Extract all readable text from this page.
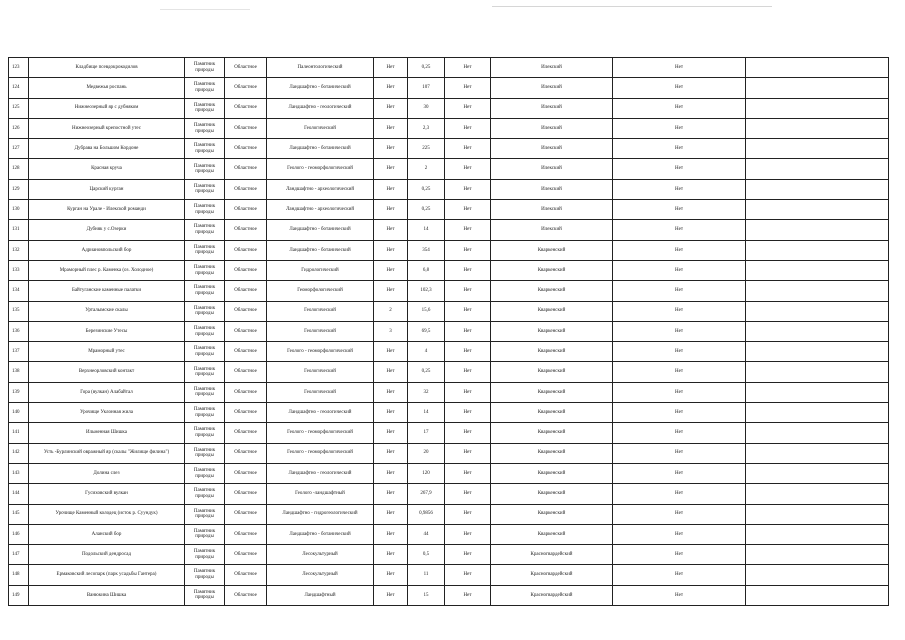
123	Кладбище псевдокрокодилов	Памятник природы	Областное	Палеонтологический	Нет	0,25	Нет	Илекский	Нет	
124	Медвежья роспань	Памятник природы	Областное	Ландшафтно - ботанический	Нет	107	Нет	Илекский	Нет	
125	Нижнеозерный яр с дубняком	Памятник природы	Областное	Ландшафтно - геологический	Нет	30	Нет	Илекский	Нет	
126	Нижнеозерный крепостной утес	Памятник природы	Областное	Геологический	Нет	2,3	Нет	Илекский	Нет	
127	Дубрава на Большом Кордоне	Памятник природы	Областное	Ландшафтно - ботанический	Нет	225	Нет	Илекский	Нет	
128	Красная круча	Памятник природы	Областное	Геолого - геоморфологический	Нет	2	Нет	Илекский	Нет	
129	Царский курган	Памятник природы	Областное	Ландшафтно - археологический	Нет	0,25	Нет	Илекский	Нет	
130	Курган на Урале - Илекской романди	Памятник природы	Областное	Ландшафтно - археологический	Нет	0,25	Нет	Илекский	Нет	
131	Дубняк у с.Озерки	Памятник природы	Областное	Ландшафтно - ботанический	Нет	14	Нет	Илекский	Нет	
132	Адриановпольский бор	Памятник природы	Областное	Ландшафтно - ботанический	Нет	354	Нет	Кваркенский	Нет	
133	Мраморный плес р. Каменка (оз. Холодное)	Памятник природы	Областное	Гидрологический	Нет	6,8	Нет	Кваркенский	Нет	
134	Байтуганские каменные палатки	Памятник природы	Областное	Геоморфологический	Нет	102,3	Нет	Кваркенский	Нет	
135	Урталымские скалы	Памятник природы	Областное	Геологический	2	15,6	Нет	Кваркенский	Нет	
136	Березинские Утесы	Памятник природы	Областное	Геологический	3	69,5	Нет	Кваркенский	Нет	
137	Мраморный утес	Памятник природы	Областное	Геолого - геоморфологический	Нет	4	Нет	Кваркенский	Нет	
138	Верхнеорловский контакт	Памятник природы	Областное	Геологический	Нет	0,25	Нет	Кваркенский	Нет	
139	Гора (вулкан) Алабайтал	Памятник природы	Областное	Геологический	Нет	32	Нет	Кваркенский	Нет	
140	Урочище Уклонная жила	Памятник природы	Областное	Ландшафтно - геологический	Нет	14	Нет	Кваркенский	Нет	
141	Ильменная Шишка	Памятник природы	Областное	Геолого - геоморфологический	Нет	17	Нет	Кваркенский	Нет	
142	Усть -Бурлинский овражный яр (скалы "Жилище филина")	Памятник природы	Областное	Геолого - геоморфологический	Нет	20	Нет	Кваркенский	Нет	
143	Долина слез	Памятник природы	Областное	Ландшафтно - геологический	Нет	120	Нет	Кваркенский	Нет	
144	Гусиховский вулкан	Памятник природы	Областное	Геолого -ландшафтный	Нет	267,9	Нет	Кваркенский	Нет	
145	Урочище Каменный колодец (исток р. Суундук)	Памятник природы	Областное	Ландшафтно - гидрогеологический	Нет	0,9856	Нет	Кваркенский	Нет	
146	Аланский бор	Памятник природы	Областное	Ландшафтно - ботанический	Нет	44	Нет	Кваркенский	Нет	
147	Подольский дендросад	Памятник природы	Областное	Лесокультурный	Нет	0,5	Нет	Красногвардейский	Нет	
148	Ермаковский лесопарк (парк усадьбы Гантера)	Памятник природы	Областное	Лесокультурный	Нет	11	Нет	Красногвардейский	Нет	
149	Ванюкина Шишка	Памятник природы	Областное	Ландшафтный	Нет	15	Нет	Красногвардейский	Нет	
